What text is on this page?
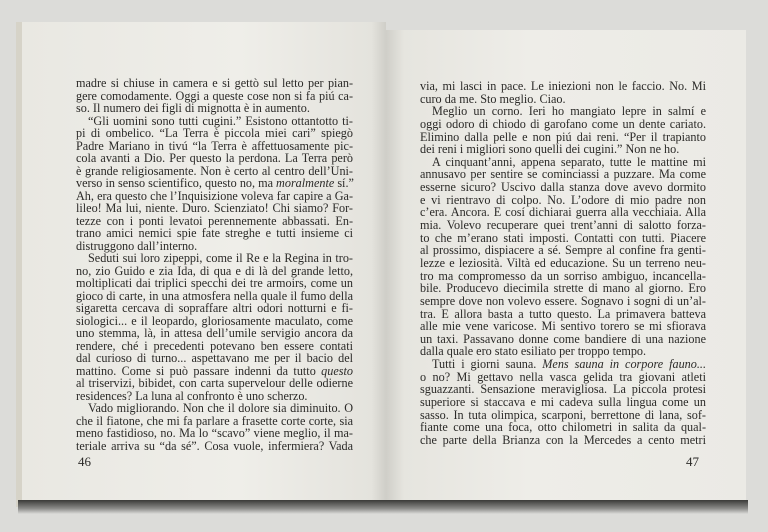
madre si chiuse in camera e si gettò sul letto per pian-
gere comodamente. Oggi a queste cose non si fa piú ca-
so. Il numero dei figli di mignotta è in aumento.
“Gli uomini sono tutti cugini.” Esistono ottantotto ti-
pi di ombelico. “La Terra è piccola miei cari” spiegò
Padre Mariano in tivú “la Terra è affettuosamente pic-
cola avanti a Dio. Per questo la perdona. La Terra però
è grande religiosamente. Non è certo al centro dell’Uni-
verso in senso scientifico, questo no, ma moralmente sí.”
Ah, era questo che l’Inquisizione voleva far capire a Ga-
lileo! Ma lui, niente. Duro. Scienziato! Chi siamo? For-
tezze con i ponti levatoi perennemente abbassati. En-
trano amici nemici spie fate streghe e tutti insieme ci
distruggono dall’interno.
Seduti sui loro zipeppi, come il Re e la Regina in tro-
no, zio Guido e zia Ida, di qua e di là del grande letto,
moltiplicati dai triplici specchi dei tre armoirs, come un
gioco di carte, in una atmosfera nella quale il fumo della
sigaretta cercava di sopraffare altri odori notturni e fi-
siologici... e il leopardo, gloriosamente maculato, come
uno stemma, là, in attesa dell’umile servigio ancora da
rendere, ché i precedenti potevano ben essere contati
dal curioso di turno... aspettavano me per il bacio del
mattino. Come si può passare indenni da tutto questo
al triservizi, bibidet, con carta supervelour delle odierne
residences? La luna al confronto è uno scherzo.
Vado migliorando. Non che il dolore sia diminuito. O
che il fiatone, che mi fa parlare a frasette corte corte, sia
meno fastidioso, no. Ma lo “scavo” viene meglio, il ma-
teriale arriva su “da sé”. Cosa vuole, infermiera? Vada
46
via, mi lasci in pace. Le iniezioni non le faccio. No. Mi
curo da me. Sto meglio. Ciao.
Meglio un corno. Ieri ho mangiato lepre in salmí e
oggi odoro di chiodo di garofano come un dente cariato.
Elimino dalla pelle e non piú dai reni. “Per il trapianto
dei reni i migliori sono quelli dei cugini.” Non ne ho.
A cinquant’anni, appena separato, tutte le mattine mi
annusavo per sentire se cominciassi a puzzare. Ma come
esserne sicuro? Uscivo dalla stanza dove avevo dormito
e vi rientravo di colpo. No. L’odore di mio padre non
c’era. Ancora. E cosí dichiarai guerra alla vecchiaia. Alla
mia. Volevo recuperare quei trent’anni di salotto forza-
to che m’erano stati imposti. Contatti con tutti. Piacere
al prossimo, dispiacere a sé. Sempre al confine fra genti-
lezze e leziosità. Viltà ed educazione. Su un terreno neu-
tro ma compromesso da un sorriso ambiguo, incancella-
bile. Producevo diecimila strette di mano al giorno. Ero
sempre dove non volevo essere. Sognavo i sogni di un’al-
tra. E allora basta a tutto questo. La primavera batteva
alle mie vene varicose. Mi sentivo torero se mi sfiorava
un taxi. Passavano donne come bandiere di una nazione
dalla quale ero stato esiliato per troppo tempo.
Tutti i giorni sauna. Mens sauna in corpore fauno...
o no? Mi gettavo nella vasca gelida tra giovani atleti
sguazzanti. Sensazione meravigliosa. La piccola protesi
superiore si staccava e mi cadeva sulla lingua come un
sasso. In tuta olimpica, scarponi, berrettone di lana, sof-
fiante come una foca, otto chilometri in salita da qual-
che parte della Brianza con la Mercedes a cento metri
47
